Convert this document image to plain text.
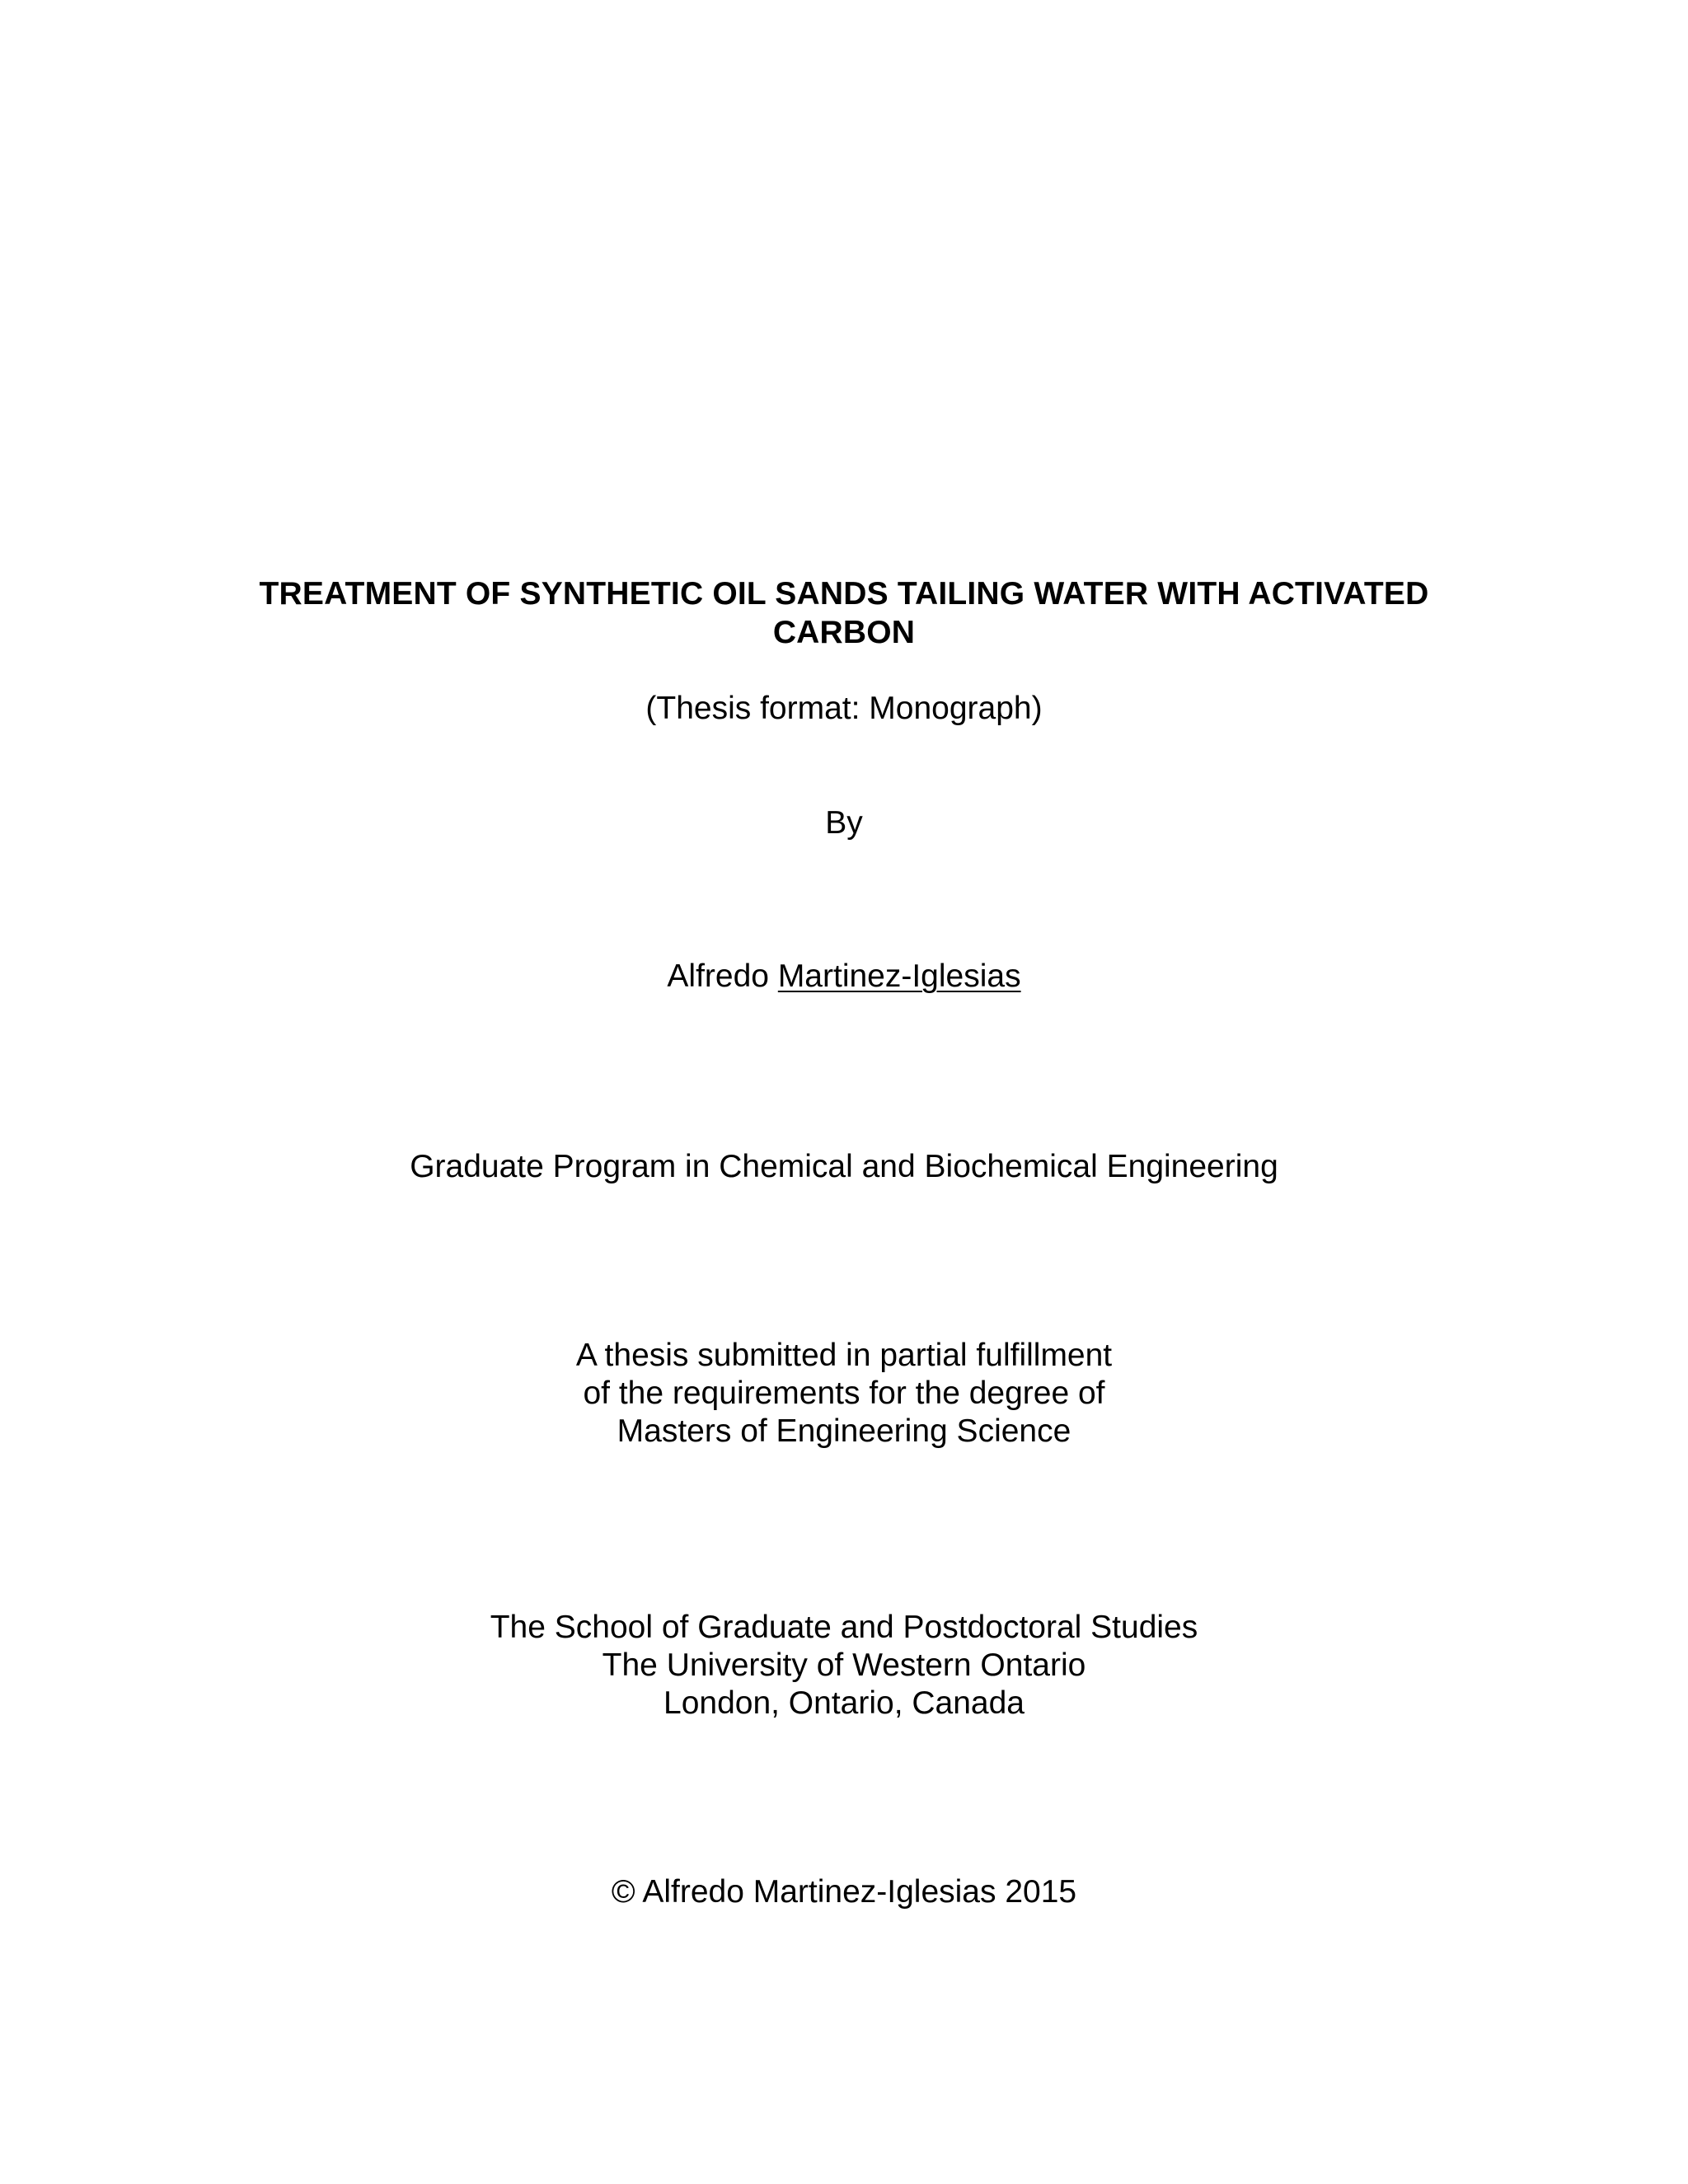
TREATMENT OF SYNTHETIC OIL SANDS TAILING WATER WITH ACTIVATED
CARBON
(Thesis format: Monograph)
By
Alfredo Martinez-Iglesias
Graduate Program in Chemical and Biochemical Engineering
A thesis submitted in partial fulfillment
of the requirements for the degree of
Masters of Engineering Science
The School of Graduate and Postdoctoral Studies
The University of Western Ontario
London, Ontario, Canada
© Alfredo Martinez-Iglesias 2015
